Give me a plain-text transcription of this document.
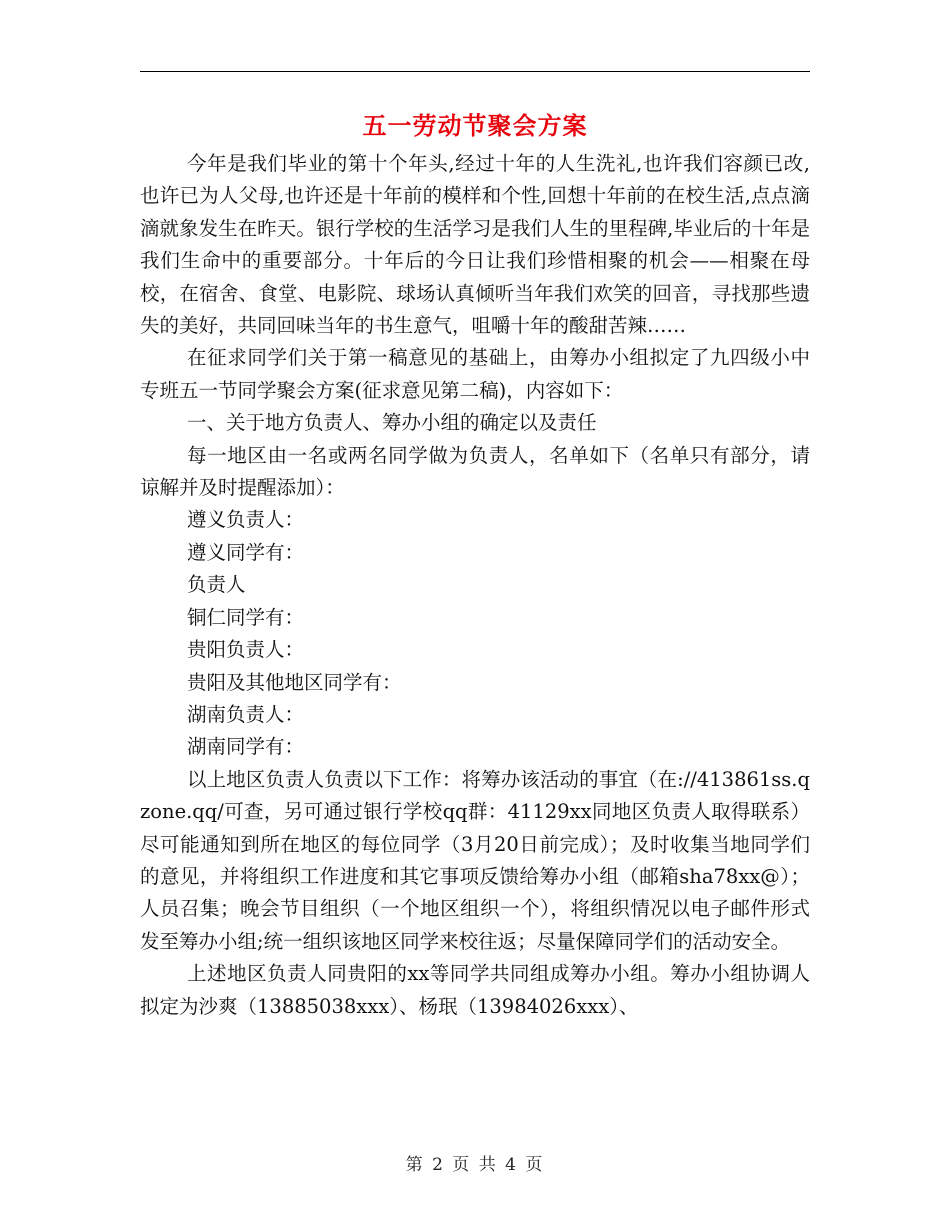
五一劳动节聚会方案

今年是我们毕业的第十个年头,经过十年的人生洗礼,也许我们容颜已改,也许已为人父母,也许还是十年前的模样和个性,回想十年前的在校生活,点点滴滴就象发生在昨天。银行学校的生活学习是我们人生的里程碑,毕业后的十年是我们生命中的重要部分。十年后的今日让我们珍惜相聚的机会——相聚在母校，在宿舍、食堂、电影院、球场认真倾听当年我们欢笑的回音，寻找那些遗失的美好，共同回味当年的书生意气，咀嚼十年的酸甜苦辣……

在征求同学们关于第一稿意见的基础上，由筹办小组拟定了九四级小中专班五一节同学聚会方案(征求意见第二稿)，内容如下：

一、关于地方负责人、筹办小组的确定以及责任

每一地区由一名或两名同学做为负责人，名单如下（名单只有部分，请谅解并及时提醒添加）：

遵义负责人：

遵义同学有：

负责人

铜仁同学有：

贵阳负责人：

贵阳及其他地区同学有：

湖南负责人：

湖南同学有：

以上地区负责人负责以下工作：将筹办该活动的事宜（在://413861ss.qzone.qq/可查，另可通过银行学校qq群：41129xx同地区负责人取得联系）尽可能通知到所在地区的每位同学（3月20日前完成）；及时收集当地同学们的意见，并将组织工作进度和其它事项反馈给筹办小组（邮箱sha78xx@）；人员召集；晚会节目组织（一个地区组织一个），将组织情况以电子邮件形式发至筹办小组;统一组织该地区同学来校往返；尽量保障同学们的活动安全。

上述地区负责人同贵阳的xx等同学共同组成筹办小组。筹办小组协调人拟定为沙爽（13885038xxx）、杨珉（13984026xxx）、

第 2 页 共 4 页
